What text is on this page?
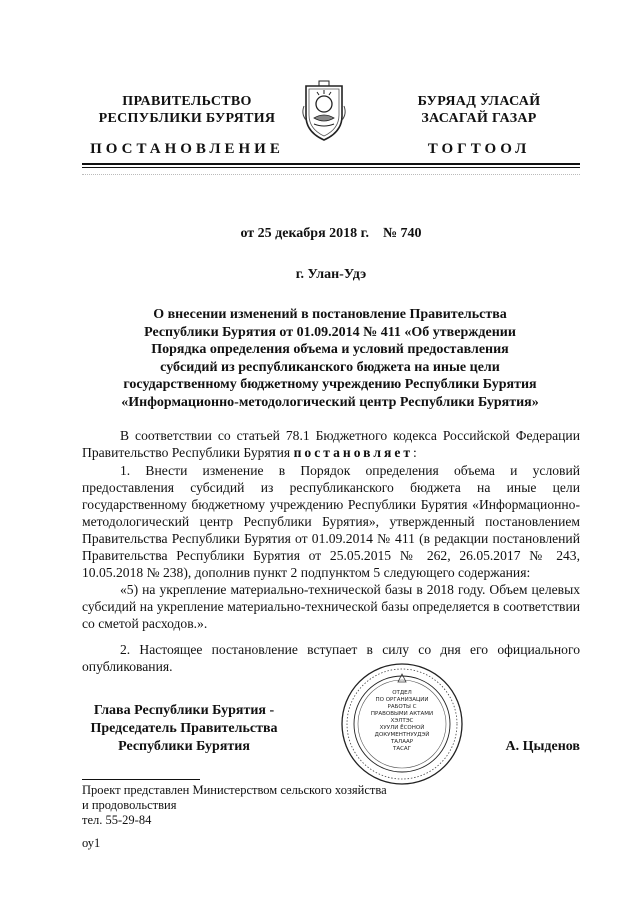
ПРАВИТЕЛЬСТВО
РЕСПУБЛИКИ БУРЯТИЯ
БУРЯАД УЛАСАЙ
ЗАСАГАЙ ГАЗАР
ПОСТАНОВЛЕНИЕ	ТОГТООЛ
от 25 декабря 2018 г.    № 740
г. Улан-Удэ
О внесении изменений в постановление Правительства
Республики Бурятия от 01.09.2014 № 411 «Об утверждении
Порядка определения объема и условий предоставления
субсидий из республиканского бюджета на иные цели
государственному бюджетному учреждению Республики Бурятия
«Информационно-методологический центр Республики Бурятия»

В соответствии со статьей 78.1 Бюджетного кодекса Российской Федерации Правительство Республики Бурятия постановляет:

1. Внести изменение в Порядок определения объема и условий предоставления субсидий из республиканского бюджета на иные цели государственному бюджетному учреждению Республики Бурятия «Информационно-методологический центр Республики Бурятия», утвержденный постановлением Правительства Республики Бурятия от 01.09.2014 № 411 (в редакции постановлений Правительства Республики Бурятия от 25.05.2015 № 262, 26.05.2017 № 243, 10.05.2018 № 238), дополнив пункт 2 подпунктом 5 следующего содержания:

«5) на укрепление материально-технической базы в 2018 году. Объем целевых субсидий на укрепление материально-технической базы определяется в соответствии со сметой расходов.».

2. Настоящее постановление вступает в силу со дня его официального опубликования.

Глава Республики Бурятия -
Председатель Правительства
Республики Бурятия
ОТДЕЛ
ПО ОРГАНИЗАЦИИ
РАБОТЫ С
ПРАВОВЫМИ АКТАМИ
ХЭЛТЭС
ХУУЛИ ЁСОНОЙ
ДОКУМЕНТНУУДЭЙ
ТАЛААР
ТАСАГ	А. Цыденов
Проект представлен Министерством сельского хозяйства
и продовольствия
тел. 55-29-84
оу1
